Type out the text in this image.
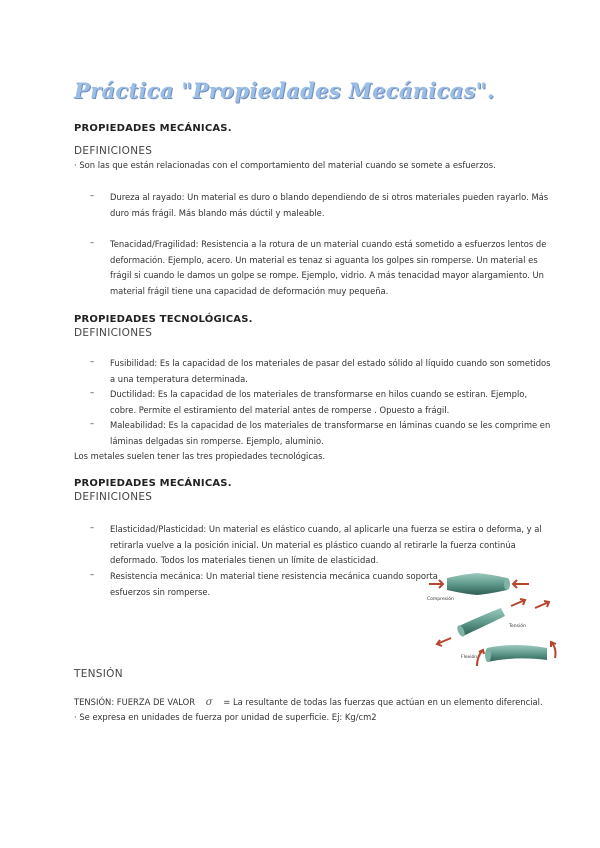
Práctica "Propiedades Mecánicas".
PROPIEDADES MECÁNICAS.
DEFINICIONES
· Son las que están relacionadas con el comportamiento del material cuando se somete a esfuerzos.
– Dureza al rayado: Un material es duro o blando dependiendo de si otros materiales pueden rayarlo. Más
duro más frágil. Más blando más dúctil y maleable.
– Tenacidad/Fragilidad: Resistencia a la rotura de un material cuando está sometido a esfuerzos lentos de
deformación. Ejemplo, acero. Un material es tenaz si aguanta los golpes sin romperse. Un material es
frágil si cuando le damos un golpe se rompe. Ejemplo, vidrio. A más tenacidad mayor alargamiento. Un
material frágil tiene una capacidad de deformación muy pequeña.
PROPIEDADES TECNOLÓGICAS.
DEFINICIONES
– Fusibilidad: Es la capacidad de los materiales de pasar del estado sólido al líquido cuando son sometidos
a una temperatura determinada.
– Ductilidad: Es la capacidad de los materiales de transformarse en hilos cuando se estiran. Ejemplo,
cobre. Permite el estiramiento del material antes de romperse . Opuesto a frágil.
– Maleabilidad: Es la capacidad de los materiales de transformarse en láminas cuando se les comprime en
láminas delgadas sin romperse. Ejemplo, aluminio.
Los metales suelen tener las tres propiedades tecnológicas.
PROPIEDADES MECÁNICAS.
DEFINICIONES
– Elasticidad/Plasticidad: Un material es elástico cuando, al aplicarle una fuerza se estira o deforma, y al
retirarla vuelve a la posición inicial. Un material es plástico cuando al retirarle la fuerza continúa
deformado. Todos los materiales tienen un límite de elasticidad.
– Resistencia mecánica: Un material tiene resistencia mecánica cuando soporta
esfuerzos sin romperse.
Compresión
Tensión
Flexión
TENSIÓN
TENSIÓN: FUERZA DE VALOR σ = La resultante de todas las fuerzas que actúan en un elemento diferencial.
· Se expresa en unidades de fuerza por unidad de superficie. Ej: Kg/cm2
